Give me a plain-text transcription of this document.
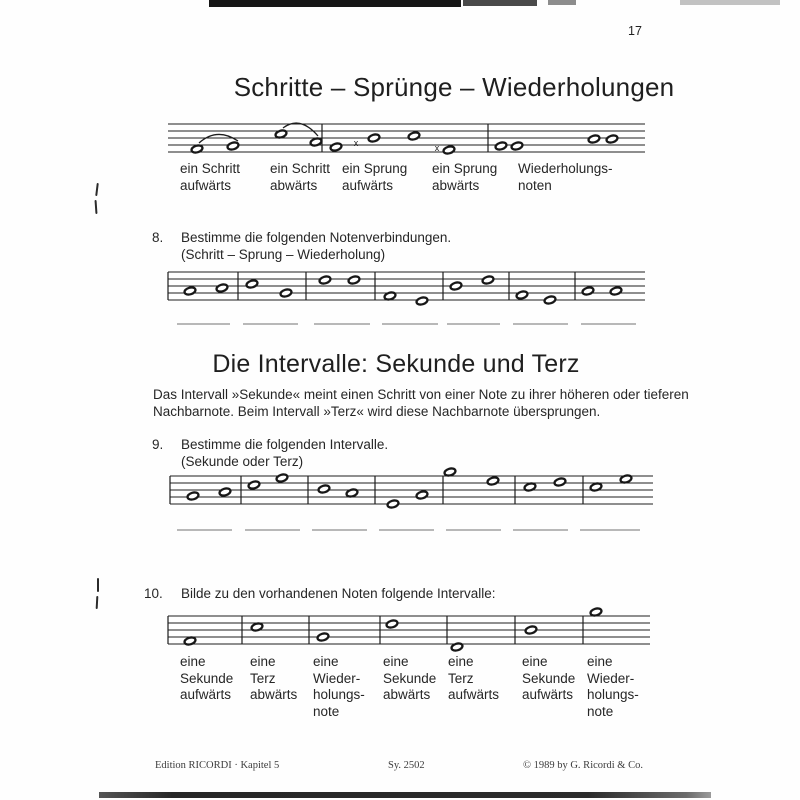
17
Schritte – Sprünge – Wiederholungen
8.	Bestimme die folgenden Notenverbindungen.
(Schritt – Sprung – Wiederholung)
Die Intervalle: Sekunde und Terz
Das Intervall »Sekunde« meint einen Schritt von einer Note zu ihrer höheren oder tieferen
Nachbarnote. Beim Intervall »Terz« wird diese Nachbarnote übersprungen.
9.	Bestimme die folgenden Intervalle.
(Sekunde oder Terz)
10.	Bilde zu den vorhandenen Noten folgende Intervalle:
x	x
Edition RICORDI · Kapitel 5	Sy. 2502	© 1989 by G. Ricordi & Co.
ein Schritt
aufwärts
ein Schritt
abwärts
ein Sprung
aufwärts
ein Sprung
abwärts
Wiederholungs-
noten
eine
Sekunde
aufwärts
eine
Terz
abwärts
eine
Wieder-
holungs-
note
eine
Sekunde
abwärts
eine
Terz
aufwärts
eine
Sekunde
aufwärts
eine
Wieder-
holungs-
note
